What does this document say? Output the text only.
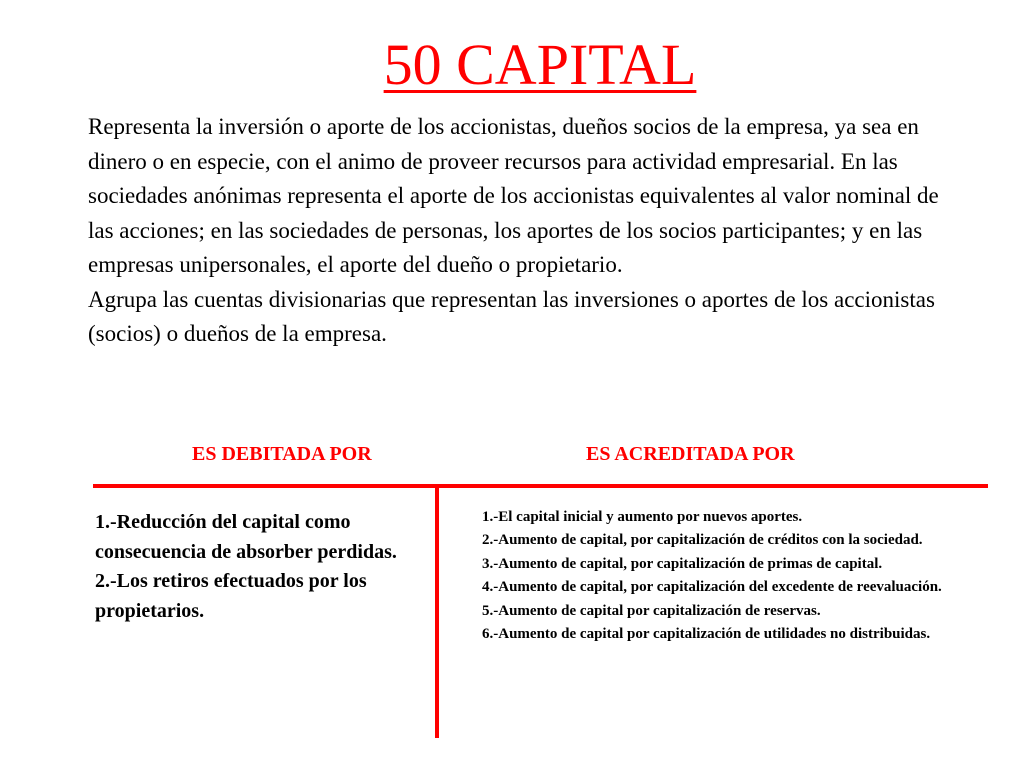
50 CAPITAL

Representa la inversión o aporte de los accionistas, dueños socios de la empresa, ya sea en dinero o en especie, con el animo de proveer recursos para actividad empresarial. En las sociedades anónimas representa el aporte de los accionistas equivalentes al valor nominal de las acciones; en las sociedades de personas, los aportes de los socios participantes; y en las empresas unipersonales, el aporte del dueño o propietario.

Agrupa las cuentas divisionarias que representan las inversiones o aportes de los accionistas (socios) o dueños de la empresa.

ES DEBITADA POR	ES ACREDITADA POR
1.-Reducción del capital como consecuencia de absorber perdidas.
2.-Los retiros efectuados por los propietarios.
1.-El capital inicial y aumento por nuevos aportes.
2.-Aumento de capital, por capitalización de créditos con la sociedad.
3.-Aumento de capital, por capitalización de primas de capital.
4.-Aumento de capital, por capitalización del excedente de reevaluación.
5.-Aumento de capital por capitalización de reservas.
6.-Aumento de capital por capitalización de utilidades no distribuidas.
